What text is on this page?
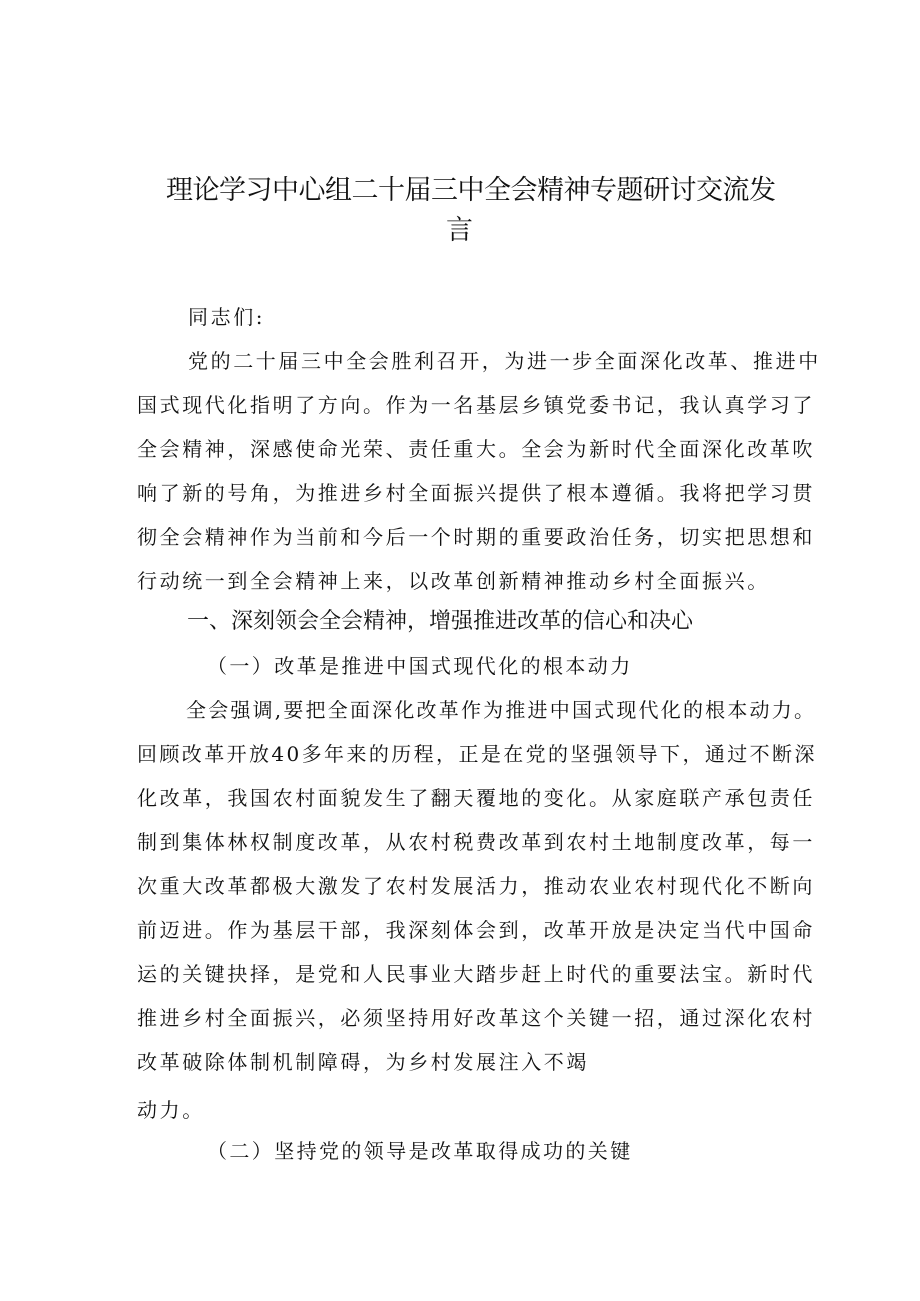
理论学习中心组二十届三中全会精神专题研讨交流发

言

同志们:

党的二十届三中全会胜利召开，为进一步全面深化改革、推进中

国式现代化指明了方向。作为一名基层乡镇党委书记，我认真学习了

全会精神，深感使命光荣、责任重大。全会为新时代全面深化改革吹

响了新的号角，为推进乡村全面振兴提供了根本遵循。我将把学习贯

彻全会精神作为当前和今后一个时期的重要政治任务，切实把思想和

行动统一到全会精神上来，以改革创新精神推动乡村全面振兴。

一、深刻领会全会精神，增强推进改革的信心和决心

（一）改革是推进中国式现代化的根本动力

全会强调,要把全面深化改革作为推进中国式现代化的根本动力。

回顾改革开放40多年来的历程，正是在党的坚强领导下，通过不断深

化改革，我国农村面貌发生了翻天覆地的变化。从家庭联产承包责任

制到集体林权制度改革，从农村税费改革到农村土地制度改革，每一

次重大改革都极大激发了农村发展活力，推动农业农村现代化不断向

前迈进。作为基层干部，我深刻体会到，改革开放是决定当代中国命

运的关键抉择，是党和人民事业大踏步赶上时代的重要法宝。新时代

推进乡村全面振兴，必须坚持用好改革这个关键一招，通过深化农村

改革破除体制机制障碍，为乡村发展注入不竭

动力。

（二）坚持党的领导是改革取得成功的关键
